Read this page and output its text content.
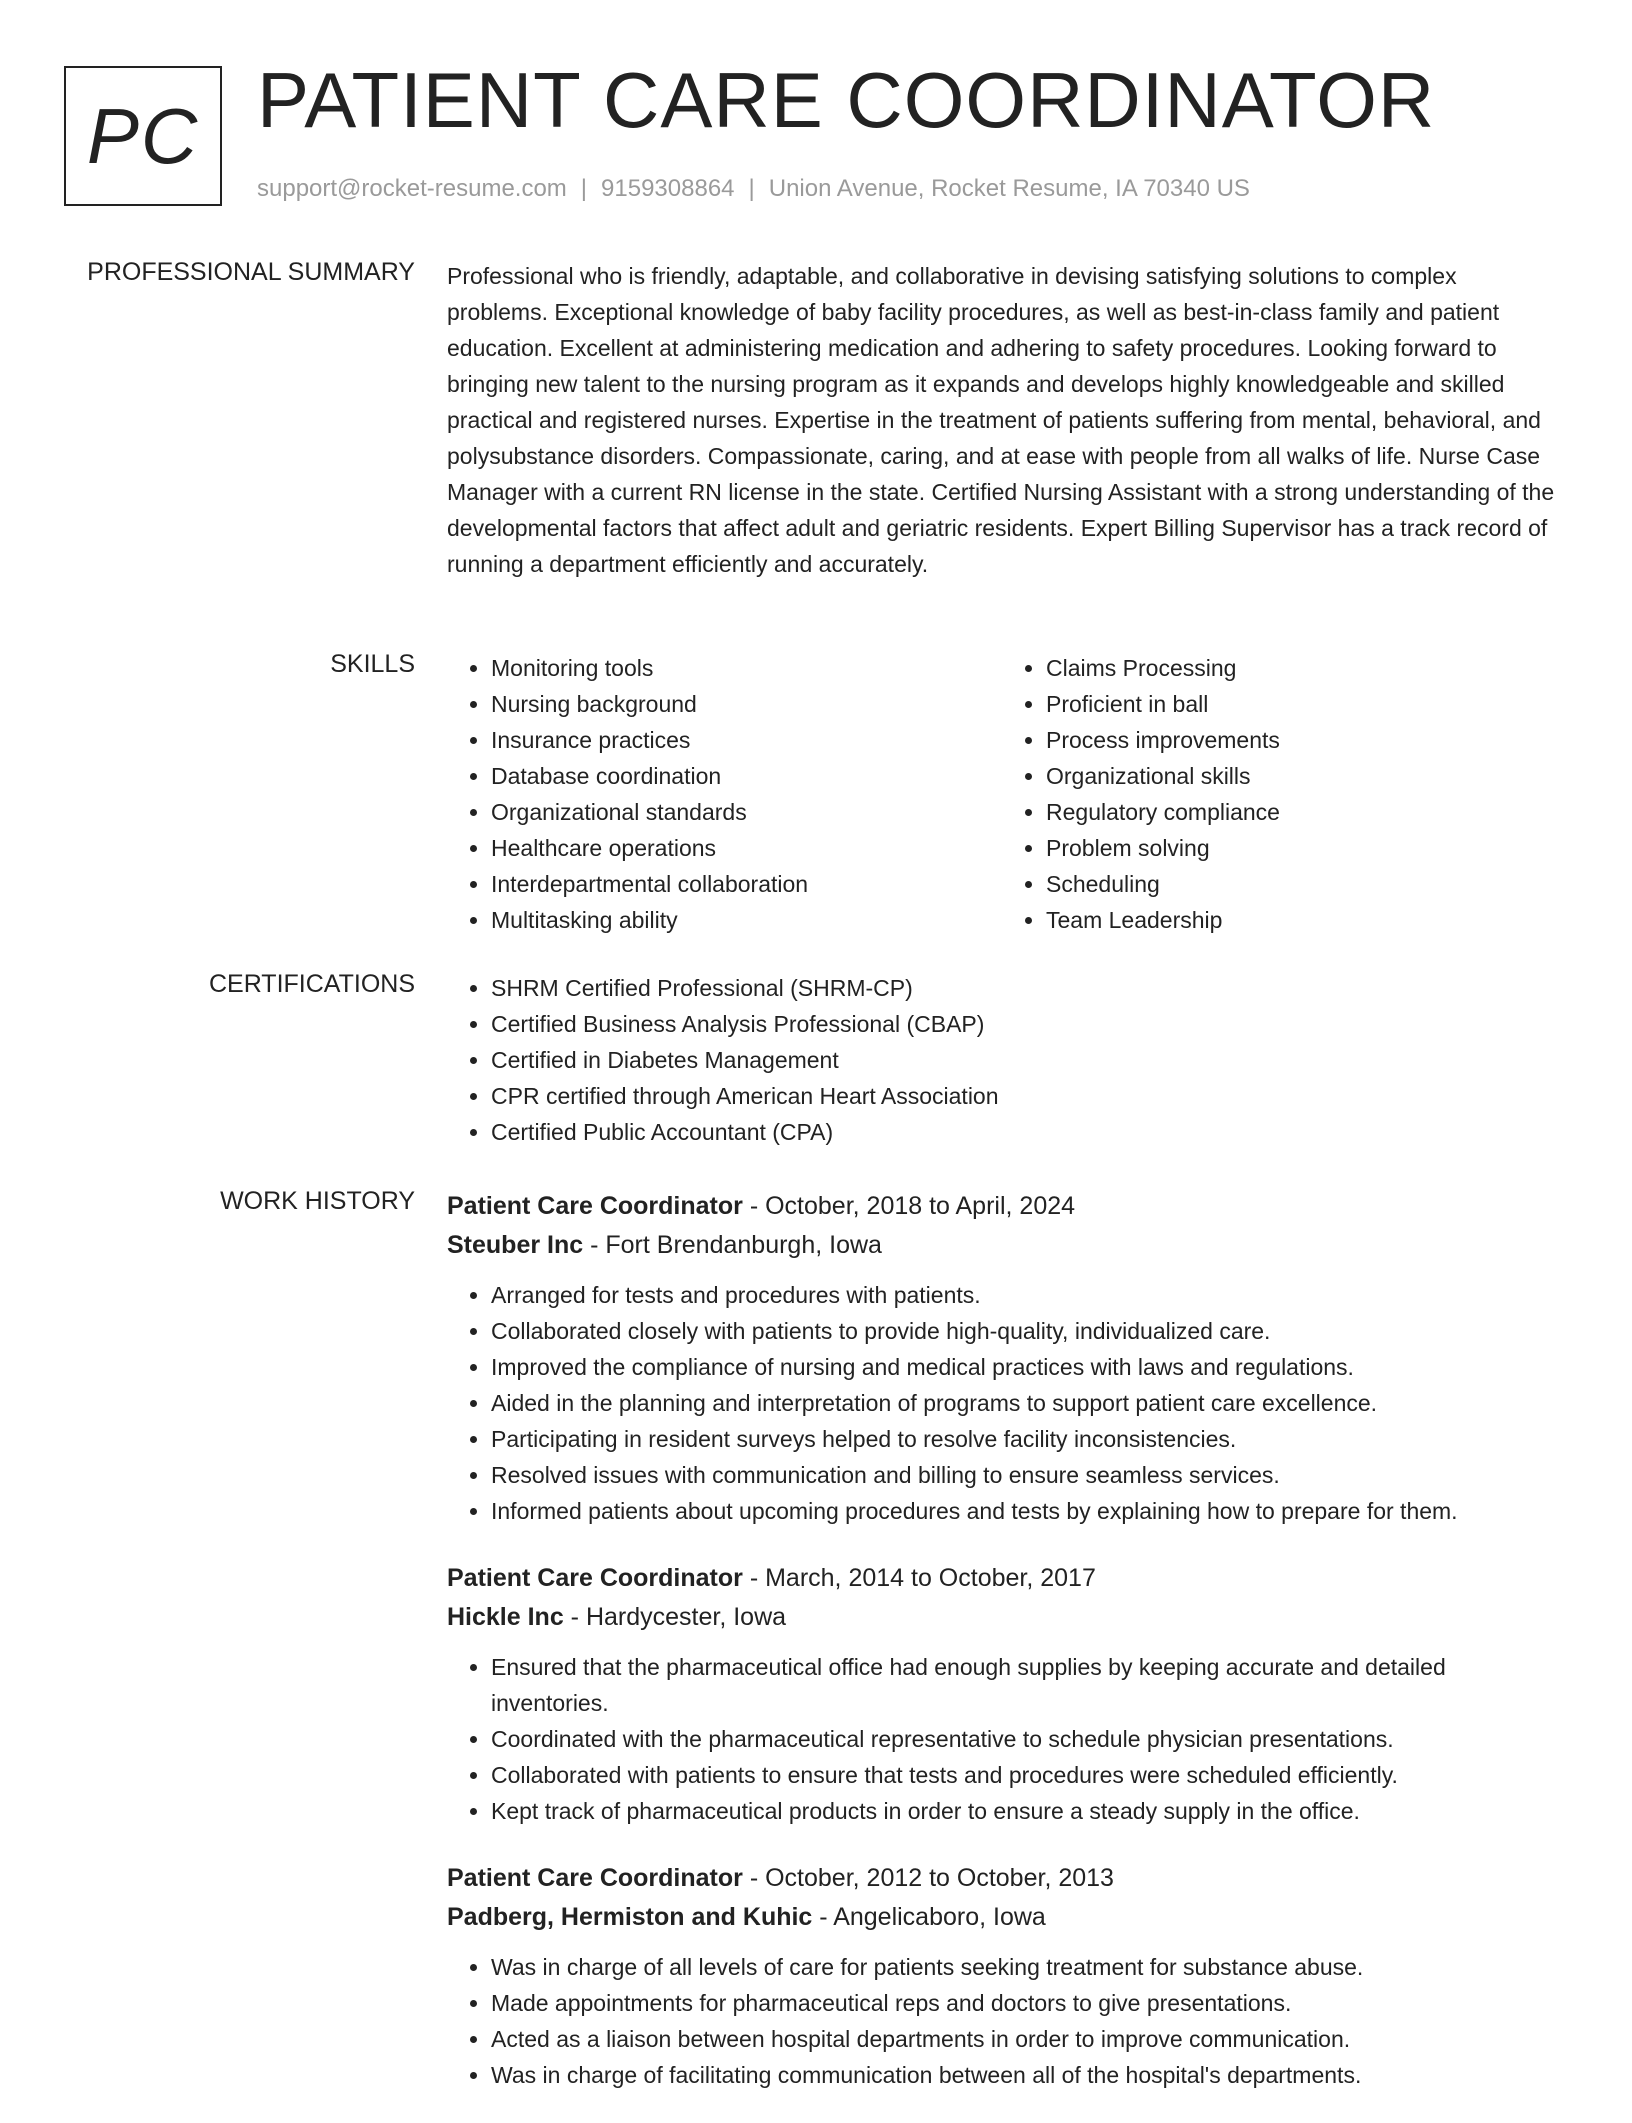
PC PATIENT CARE COORDINATOR
support@rocket-resume.com | 9159308864 | Union Avenue, Rocket Resume, IA 70340 US
PROFESSIONAL SUMMARY Professional who is friendly, adaptable, and collaborative in devising satisfying solutions to complex problems. Exceptional knowledge of baby facility procedures, as well as best-in-class family and patient education. Excellent at administering medication and adhering to safety procedures. Looking forward to bringing new talent to the nursing program as it expands and develops highly knowledgeable and skilled practical and registered nurses. Expertise in the treatment of patients suffering from mental, behavioral, and polysubstance disorders. Compassionate, caring, and at ease with people from all walks of life. Nurse Case Manager with a current RN license in the state. Certified Nursing Assistant with a strong understanding of the developmental factors that affect adult and geriatric residents. Expert Billing Supervisor has a track record of running a department efficiently and accurately.
SKILLS	• Monitoring tools
• Nursing background
• Insurance practices
• Database coordination
• Organizational standards
• Healthcare operations
• Interdepartmental collaboration
• Multitasking ability
• Claims Processing
• Proficient in ball
• Process improvements
• Organizational skills
• Regulatory compliance
• Problem solving
• Scheduling
• Team Leadership
CERTIFICATIONS	• SHRM Certified Professional (SHRM-CP)
• Certified Business Analysis Professional (CBAP)
• Certified in Diabetes Management
• CPR certified through American Heart Association
• Certified Public Accountant (CPA)
WORK HISTORY Patient Care Coordinator - October, 2018 to April, 2024
Steuber Inc - Fort Brendanburgh, Iowa
• Arranged for tests and procedures with patients.
• Collaborated closely with patients to provide high-quality, individualized care.
• Improved the compliance of nursing and medical practices with laws and regulations.
• Aided in the planning and interpretation of programs to support patient care excellence.
• Participating in resident surveys helped to resolve facility inconsistencies.
• Resolved issues with communication and billing to ensure seamless services.
• Informed patients about upcoming procedures and tests by explaining how to prepare for them.
Patient Care Coordinator - March, 2014 to October, 2017
Hickle Inc - Hardycester, Iowa
• Ensured that the pharmaceutical office had enough supplies by keeping accurate and detailed inventories.
• Coordinated with the pharmaceutical representative to schedule physician presentations.
• Collaborated with patients to ensure that tests and procedures were scheduled efficiently.
• Kept track of pharmaceutical products in order to ensure a steady supply in the office.
Patient Care Coordinator - October, 2012 to October, 2013
Padberg, Hermiston and Kuhic - Angelicaboro, Iowa
• Was in charge of all levels of care for patients seeking treatment for substance abuse.
• Made appointments for pharmaceutical reps and doctors to give presentations.
• Acted as a liaison between hospital departments in order to improve communication.
• Was in charge of facilitating communication between all of the hospital's departments.
